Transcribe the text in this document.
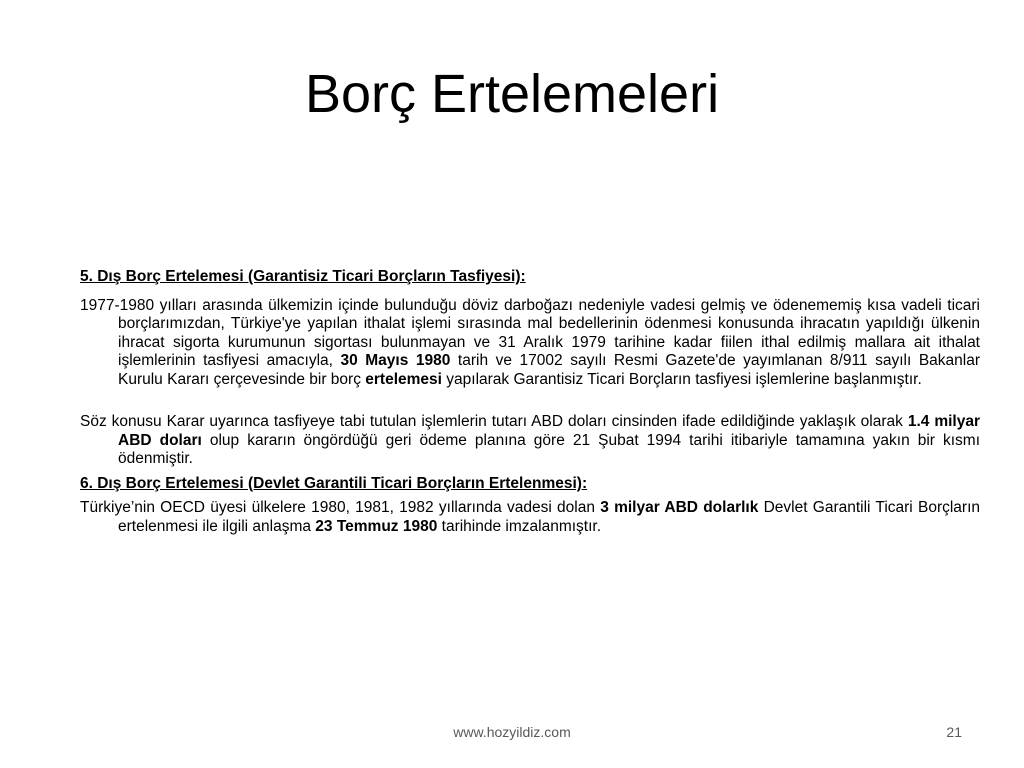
Borç Ertelemeleri

5. Dış Borç Ertelemesi (Garantisiz Ticari Borçların Tasfiyesi):

1977-1980 yılları arasında ülkemizin içinde bulunduğu döviz darboğazı nedeniyle vadesi gelmiş ve ödenememiş kısa vadeli ticari borçlarımızdan, Türkiye'ye yapılan ithalat işlemi sırasında mal bedellerinin ödenmesi konusunda ihracatın yapıldığı ülkenin ihracat sigorta kurumunun sigortası bulunmayan ve 31 Aralık 1979 tarihine kadar fiilen ithal edilmiş mallara ait ithalat işlemlerinin tasfiyesi amacıyla, 30 Mayıs 1980 tarih ve 17002 sayılı Resmi Gazete'de yayımlanan 8/911 sayılı Bakanlar Kurulu Kararı çerçevesinde bir borç ertelemesi yapılarak Garantisiz Ticari Borçların tasfiyesi işlemlerine başlanmıştır.

Söz konusu Karar uyarınca tasfiyeye tabi tutulan işlemlerin tutarı ABD doları cinsinden ifade edildiğinde yaklaşık olarak 1.4 milyar ABD doları olup kararın öngördüğü geri ödeme planına göre 21 Şubat 1994 tarihi itibariyle tamamına yakın bir kısmı ödenmiştir.

6. Dış Borç Ertelemesi (Devlet Garantili Ticari Borçların Ertelenmesi):

Türkiye’nin OECD üyesi ülkelere 1980, 1981, 1982 yıllarında vadesi dolan 3 milyar ABD dolarlık Devlet Garantili Ticari Borçların ertelenmesi ile ilgili anlaşma 23 Temmuz 1980 tarihinde imzalanmıştır.

www.hozyildiz.com	21
